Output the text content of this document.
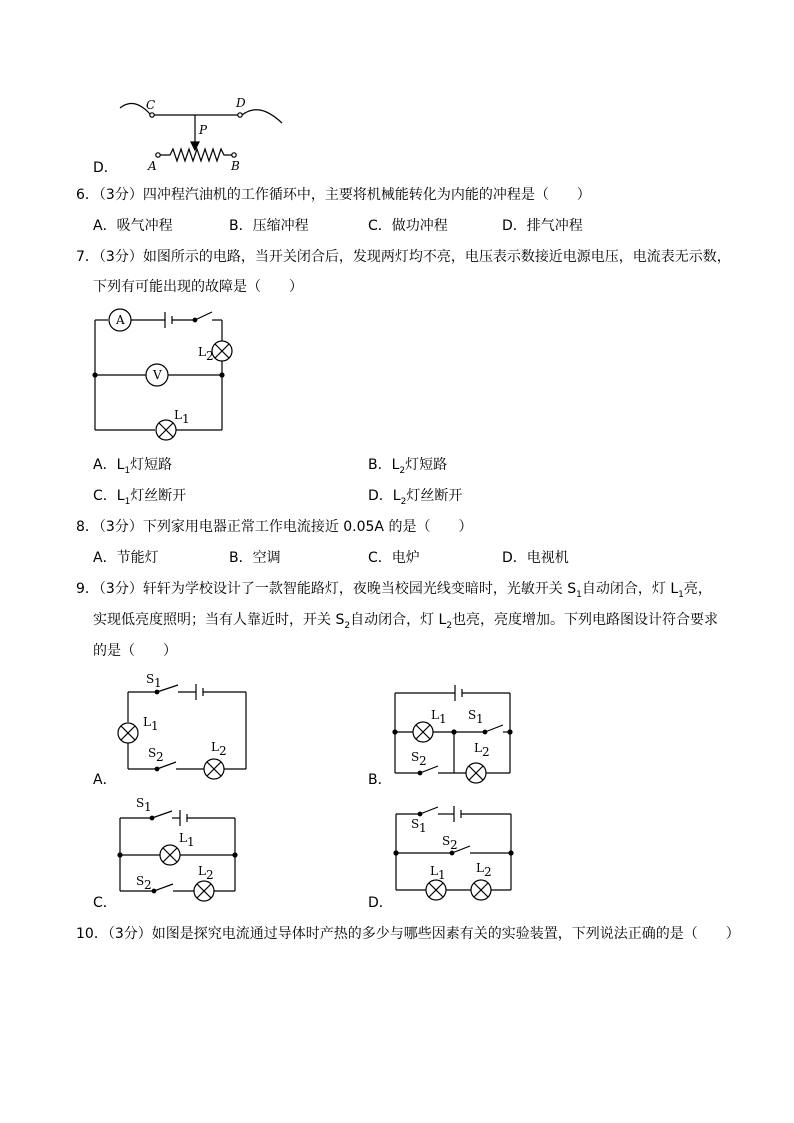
C	D
P
A	B
D．
6．（3分）四冲程汽油机的工作循环中，主要将机械能转化为内能的冲程是（　　）
A．吸气冲程	B．压缩冲程	C．做功冲程	D．排气冲程
7．（3分）如图所示的电路，当开关闭合后，发现两灯均不亮，电压表示数接近电源电压，电流表无示数，
下列有可能出现的故障是（　　）
A
V
L 2
L 1
A．$L_1$灯短路	B．$L_2$灯短路
C．$L_1$灯丝断开	D．$L_2$灯丝断开
8．（3分）下列家用电器正常工作电流接近 0.05A 的是（　　）
A．节能灯	B．空调	C．电炉	D．电视机
9．（3分）轩轩为学校设计了一款智能路灯，夜晚当校园光线变暗时，光敏开关 $S_1$自动闭合，灯 $L_1$亮，
实现低亮度照明；当有人靠近时，开关 $S_2$自动闭合，灯 $L_2$也亮，亮度增加。下列电路图设计符合要求
的是（　　）
S 1
L 1
S 2
L 2
L 1 S 1
L 2
S 2
S 1
L 1
S 2
L 2
S 1
S 2
L 1	L 2
A．	B．
C．	D．
10．（3分）如图是探究电流通过导体时产热的多少与哪些因素有关的实验装置，下列说法正确的是（　　）
